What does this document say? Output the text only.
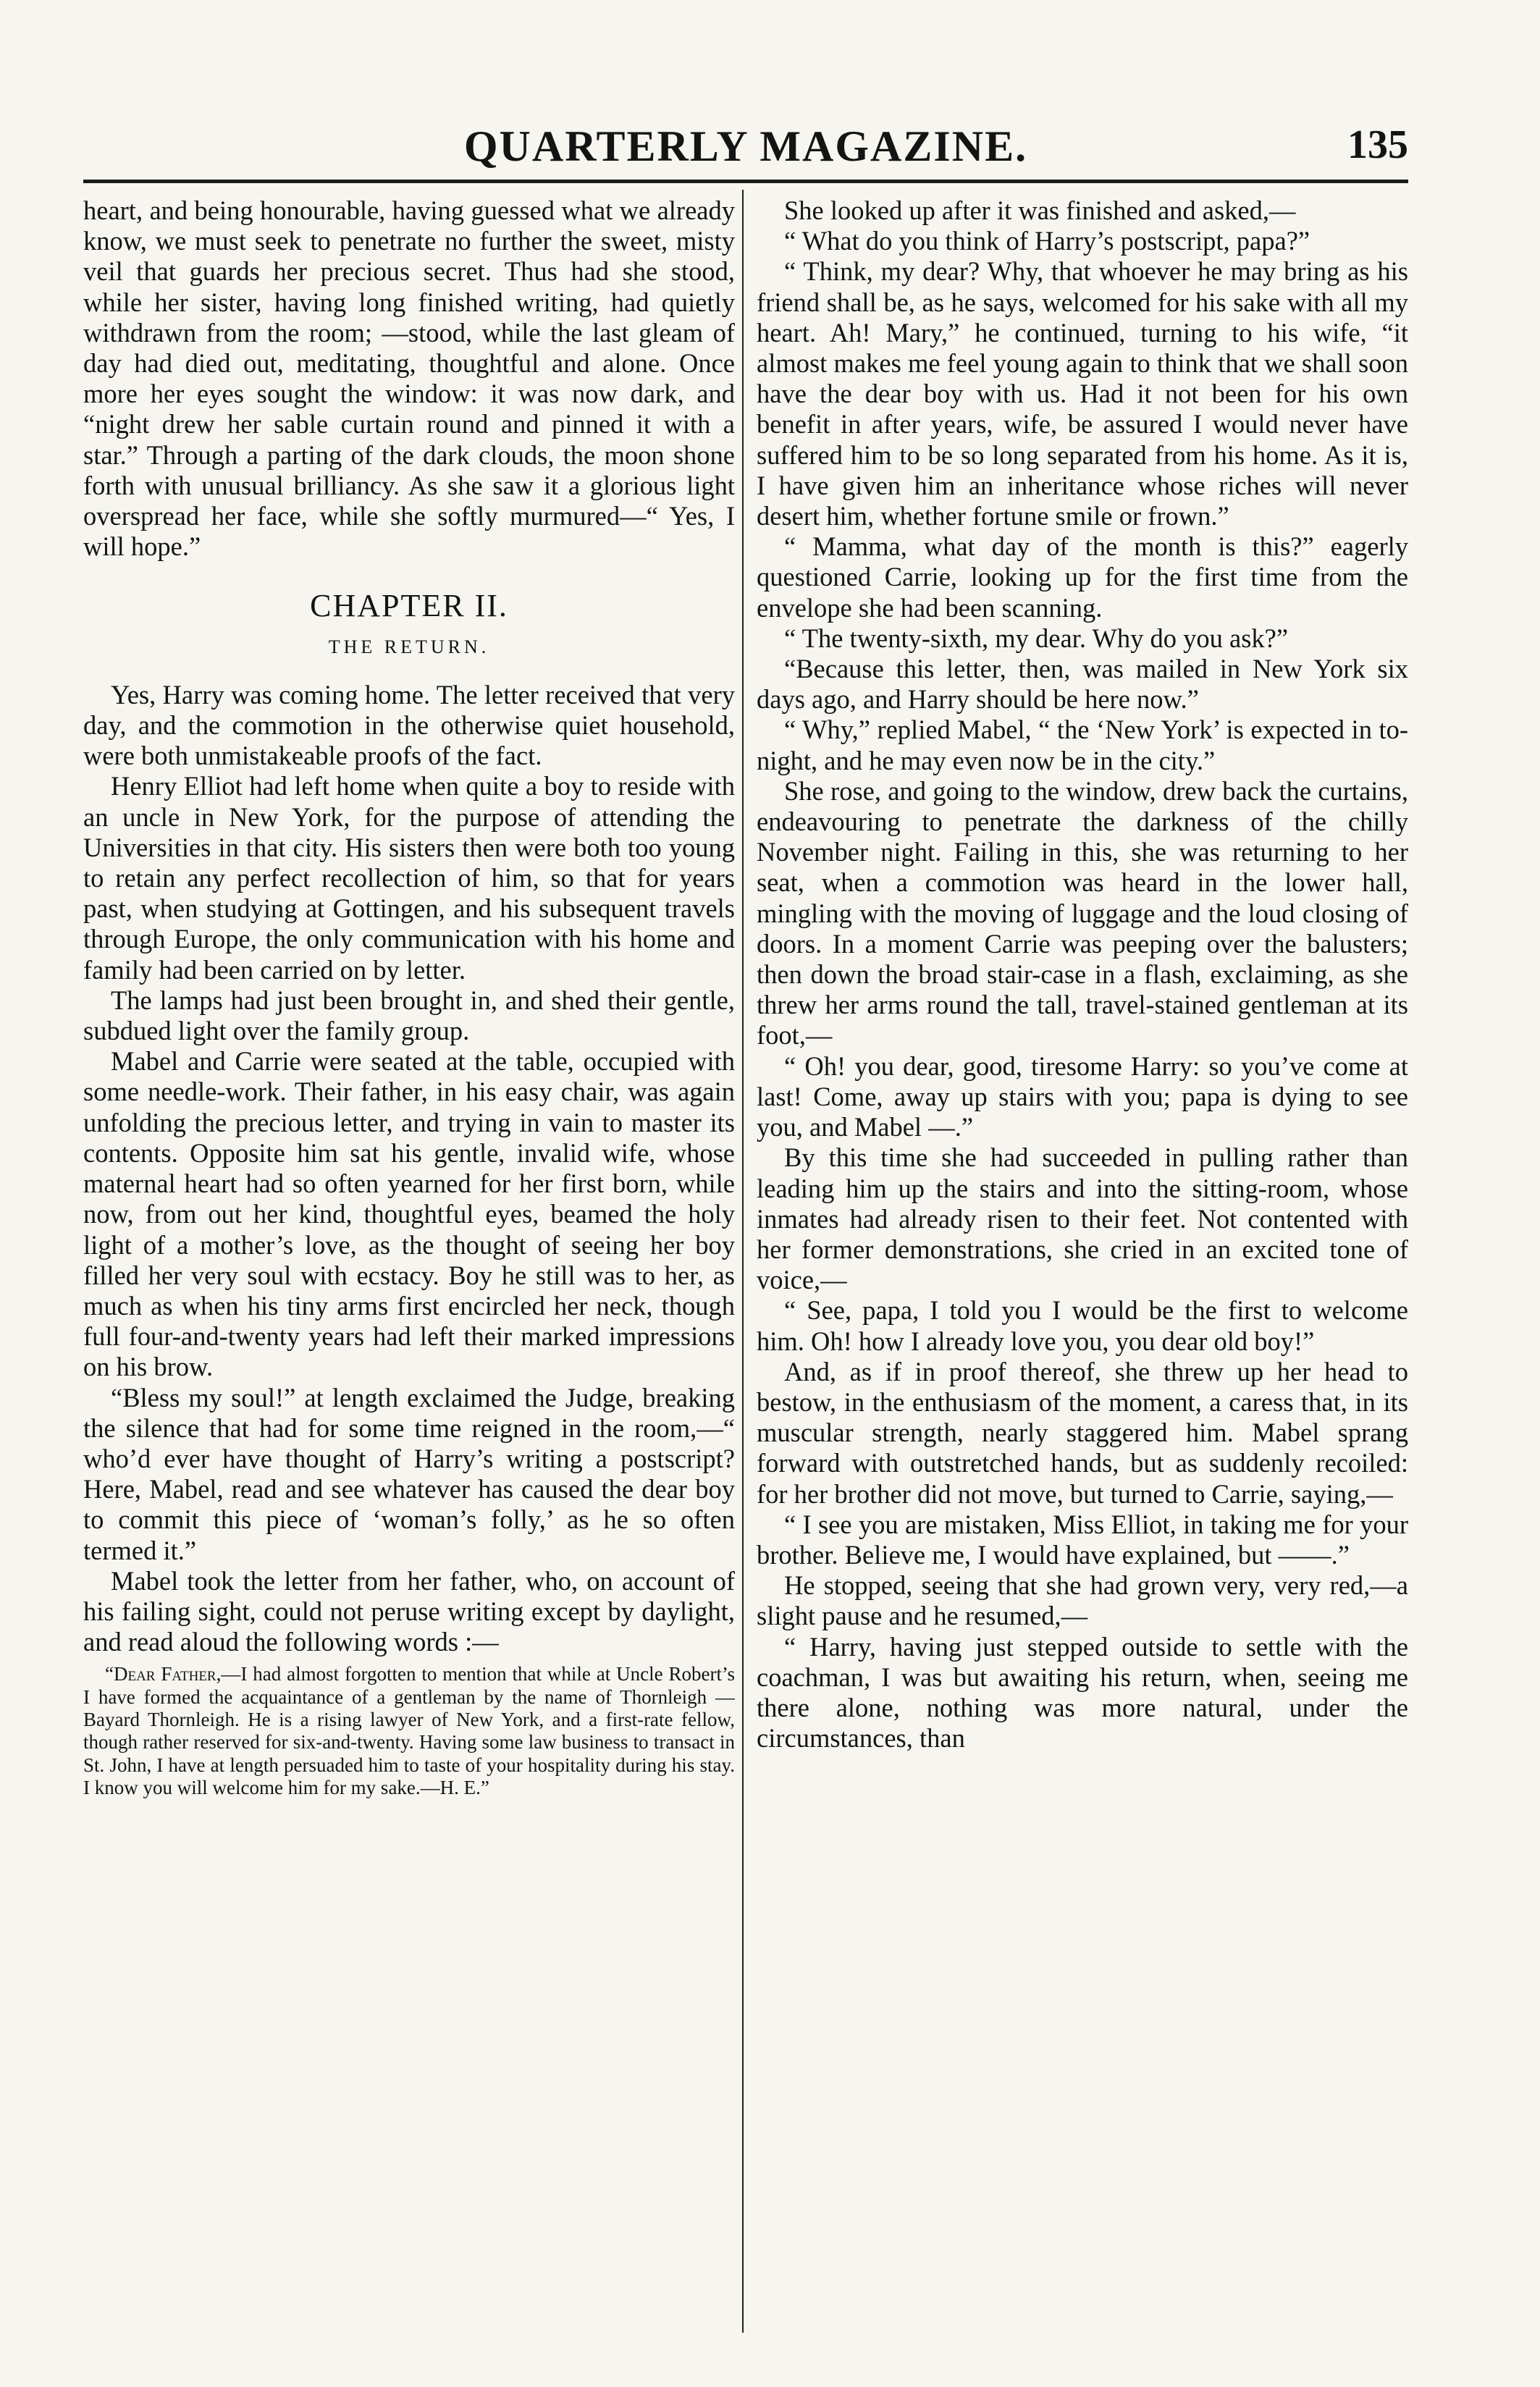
QUARTERLY MAGAZINE.	135

heart, and being honourable, having guessed what we already know, we must seek to penetrate no further the sweet, misty veil that guards her precious secret. Thus had she stood, while her sister, having long finished writing, had quietly withdrawn from the room; —stood, while the last gleam of day had died out, meditating, thoughtful and alone. Once more her eyes sought the window: it was now dark, and “night drew her sable curtain round and pinned it with a star.” Through a parting of the dark clouds, the moon shone forth with unusual brilliancy. As she saw it a glorious light overspread her face, while she softly murmured—“ Yes, I will hope.”

CHAPTER II.
THE RETURN.

Yes, Harry was coming home. The letter received that very day, and the commotion in the otherwise quiet household, were both unmistakeable proofs of the fact.

Henry Elliot had left home when quite a boy to reside with an uncle in New York, for the purpose of attending the Universities in that city. His sisters then were both too young to retain any perfect recollection of him, so that for years past, when studying at Gottingen, and his subsequent travels through Europe, the only communication with his home and family had been carried on by letter.

The lamps had just been brought in, and shed their gentle, subdued light over the family group.

Mabel and Carrie were seated at the table, occupied with some needle-work. Their father, in his easy chair, was again unfolding the precious letter, and trying in vain to master its contents. Opposite him sat his gentle, invalid wife, whose maternal heart had so often yearned for her first born, while now, from out her kind, thoughtful eyes, beamed the holy light of a mother’s love, as the thought of seeing her boy filled her very soul with ecstacy. Boy he still was to her, as much as when his tiny arms first encircled her neck, though full four-and-twenty years had left their marked impressions on his brow.

“Bless my soul!” at length exclaimed the Judge, breaking the silence that had for some time reigned in the room,—“ who’d ever have thought of Harry’s writing a postscript? Here, Mabel, read and see whatever has caused the dear boy to commit this piece of ‘woman’s folly,’ as he so often termed it.”

Mabel took the letter from her father, who, on account of his failing sight, could not peruse writing except by daylight, and read aloud the following words :—

“Dear Father,—I had almost forgotten to mention that while at Uncle Robert’s I have formed the acquaintance of a gentleman by the name of Thornleigh —Bayard Thornleigh. He is a rising lawyer of New York, and a first-rate fellow, though rather reserved for six-and-twenty. Having some law business to transact in St. John, I have at length persuaded him to taste of your hospitality during his stay. I know you will welcome him for my sake.—H. E.”

She looked up after it was finished and asked,—

“ What do you think of Harry’s postscript, papa?”

“ Think, my dear? Why, that whoever he may bring as his friend shall be, as he says, welcomed for his sake with all my heart. Ah! Mary,” he continued, turning to his wife, “it almost makes me feel young again to think that we shall soon have the dear boy with us. Had it not been for his own benefit in after years, wife, be assured I would never have suffered him to be so long separated from his home. As it is, I have given him an inheritance whose riches will never desert him, whether fortune smile or frown.”

“ Mamma, what day of the month is this?” eagerly questioned Carrie, looking up for the first time from the envelope she had been scanning.

“ The twenty-sixth, my dear. Why do you ask?”

“Because this letter, then, was mailed in New York six days ago, and Harry should be here now.”

“ Why,” replied Mabel, “ the ‘New York’ is expected in to-night, and he may even now be in the city.”

She rose, and going to the window, drew back the curtains, endeavouring to penetrate the darkness of the chilly November night. Failing in this, she was returning to her seat, when a commotion was heard in the lower hall, mingling with the moving of luggage and the loud closing of doors. In a moment Carrie was peeping over the balusters; then down the broad stair-case in a flash, exclaiming, as she threw her arms round the tall, travel-stained gentleman at its foot,—

“ Oh! you dear, good, tiresome Harry: so you’ve come at last! Come, away up stairs with you; papa is dying to see you, and Mabel —.”

By this time she had succeeded in pulling rather than leading him up the stairs and into the sitting-room, whose inmates had already risen to their feet. Not contented with her former demonstrations, she cried in an excited tone of voice,—

“ See, papa, I told you I would be the first to welcome him. Oh! how I already love you, you dear old boy!”

And, as if in proof thereof, she threw up her head to bestow, in the enthusiasm of the moment, a caress that, in its muscular strength, nearly staggered him. Mabel sprang forward with outstretched hands, but as suddenly recoiled: for her brother did not move, but turned to Carrie, saying,—

“ I see you are mistaken, Miss Elliot, in taking me for your brother. Believe me, I would have explained, but ——.”

He stopped, seeing that she had grown very, very red,—a slight pause and he resumed,—

“ Harry, having just stepped outside to settle with the coachman, I was but awaiting his return, when, seeing me there alone, nothing was more natural, under the circumstances, than
